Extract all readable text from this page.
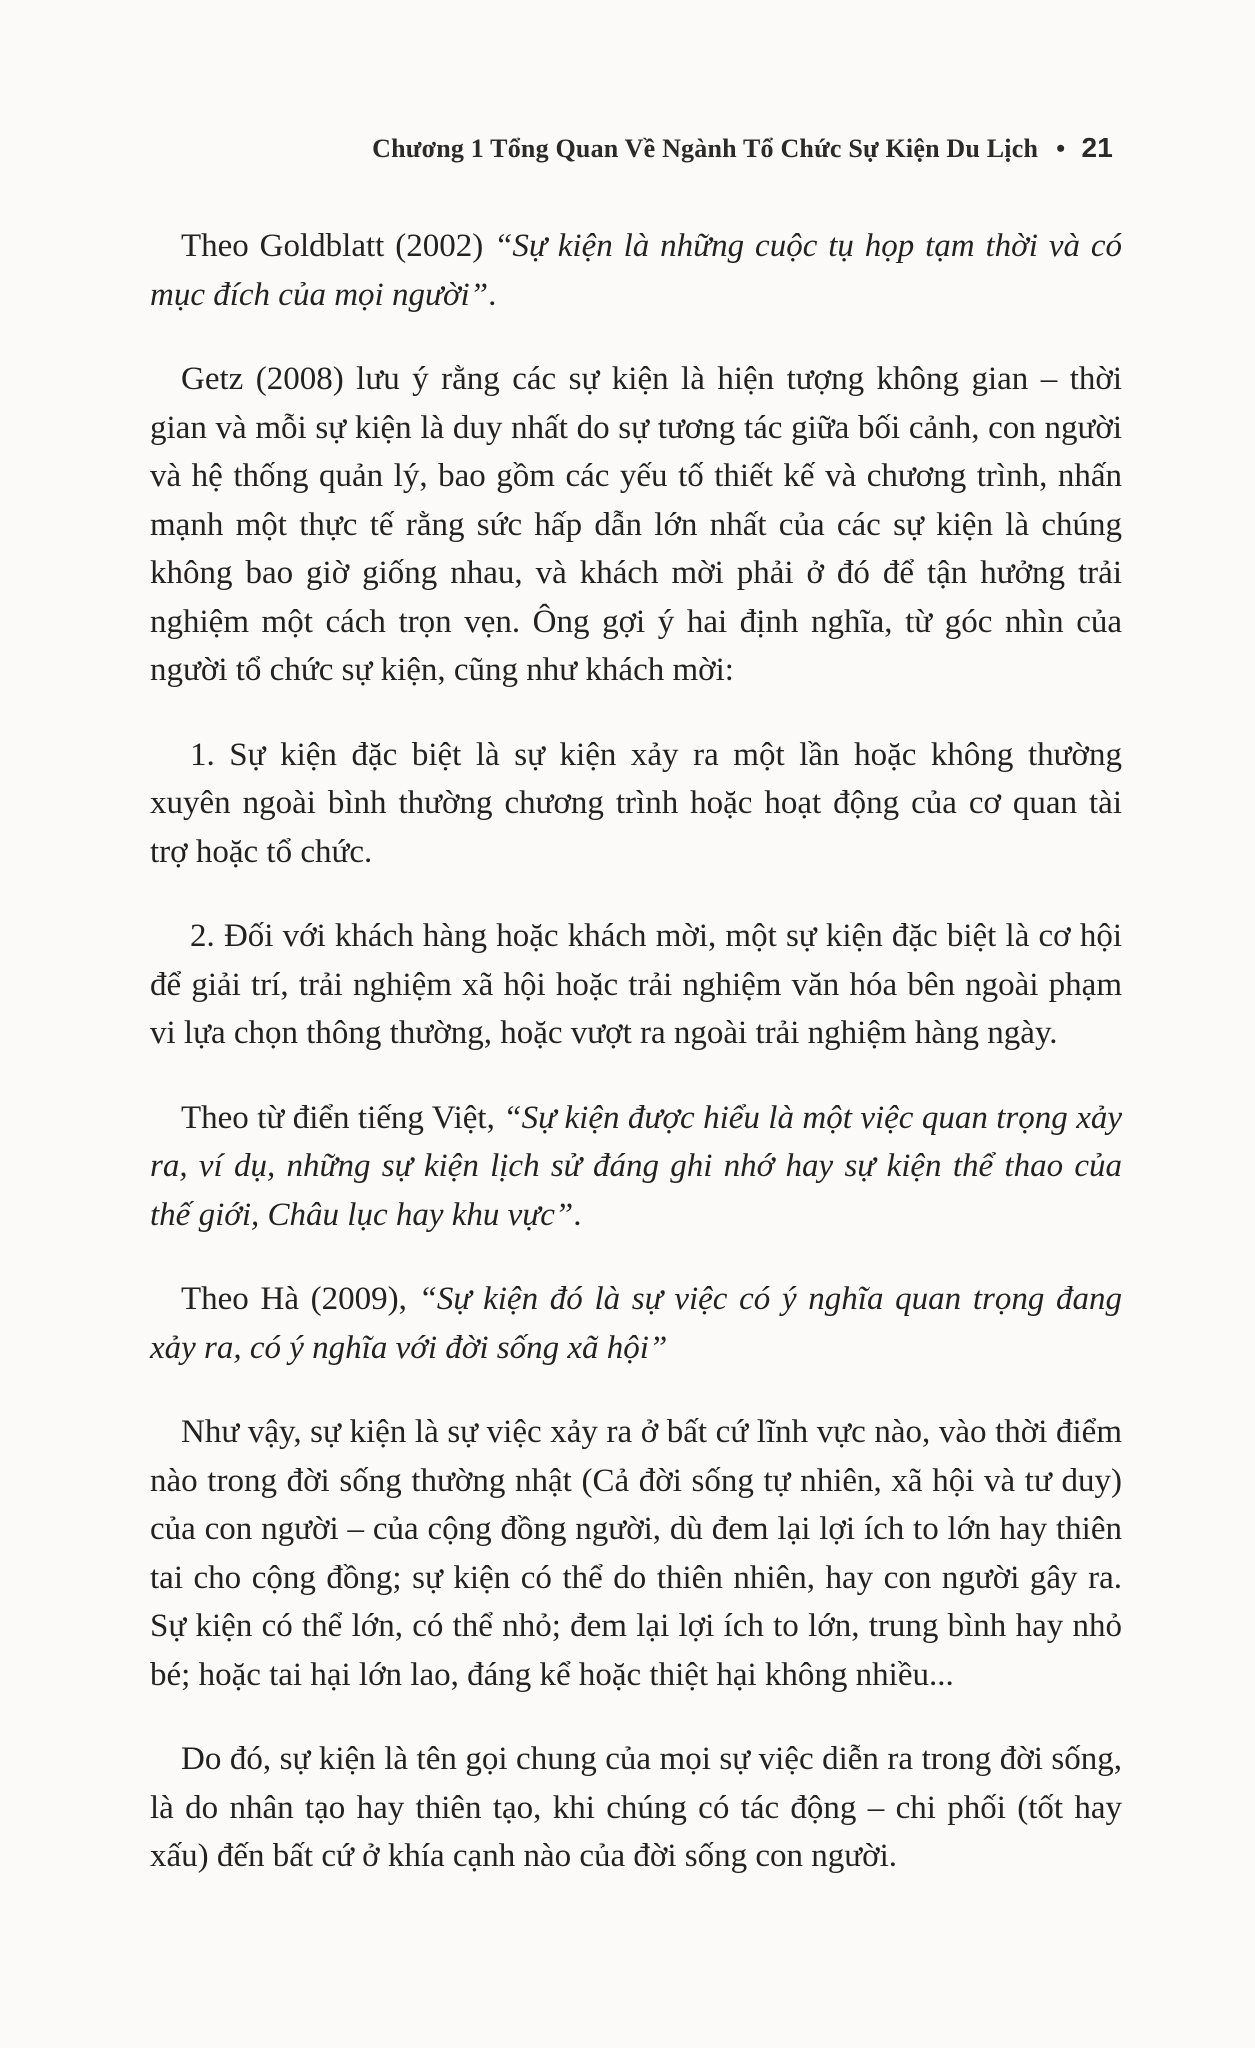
Chương 1 Tổng Quan Về Ngành Tổ Chức Sự Kiện Du Lịch • 21

Theo Goldblatt (2002) “Sự kiện là những cuộc tụ họp tạm thời và có mục đích của mọi người”.

Getz (2008) lưu ý rằng các sự kiện là hiện tượng không gian – thời gian và mỗi sự kiện là duy nhất do sự tương tác giữa bối cảnh, con người và hệ thống quản lý, bao gồm các yếu tố thiết kế và chương trình, nhấn mạnh một thực tế rằng sức hấp dẫn lớn nhất của các sự kiện là chúng không bao giờ giống nhau, và khách mời phải ở đó để tận hưởng trải nghiệm một cách trọn vẹn. Ông gợi ý hai định nghĩa, từ góc nhìn của người tổ chức sự kiện, cũng như khách mời:

1. Sự kiện đặc biệt là sự kiện xảy ra một lần hoặc không thường xuyên ngoài bình thường chương trình hoặc hoạt động của cơ quan tài trợ hoặc tổ chức.

2. Đối với khách hàng hoặc khách mời, một sự kiện đặc biệt là cơ hội để giải trí, trải nghiệm xã hội hoặc trải nghiệm văn hóa bên ngoài phạm vi lựa chọn thông thường, hoặc vượt ra ngoài trải nghiệm hàng ngày.

Theo từ điển tiếng Việt, “Sự kiện được hiểu là một việc quan trọng xảy ra, ví dụ, những sự kiện lịch sử đáng ghi nhớ hay sự kiện thể thao của thế giới, Châu lục hay khu vực”.

Theo Hà (2009), “Sự kiện đó là sự việc có ý nghĩa quan trọng đang xảy ra, có ý nghĩa với đời sống xã hội”

Như vậy, sự kiện là sự việc xảy ra ở bất cứ lĩnh vực nào, vào thời điểm nào trong đời sống thường nhật (Cả đời sống tự nhiên, xã hội và tư duy) của con người – của cộng đồng người, dù đem lại lợi ích to lớn hay thiên tai cho cộng đồng; sự kiện có thể do thiên nhiên, hay con người gây ra. Sự kiện có thể lớn, có thể nhỏ; đem lại lợi ích to lớn, trung bình hay nhỏ bé; hoặc tai hại lớn lao, đáng kể hoặc thiệt hại không nhiều...

Do đó, sự kiện là tên gọi chung của mọi sự việc diễn ra trong đời sống, là do nhân tạo hay thiên tạo, khi chúng có tác động – chi phối (tốt hay xấu) đến bất cứ ở khía cạnh nào của đời sống con người.
